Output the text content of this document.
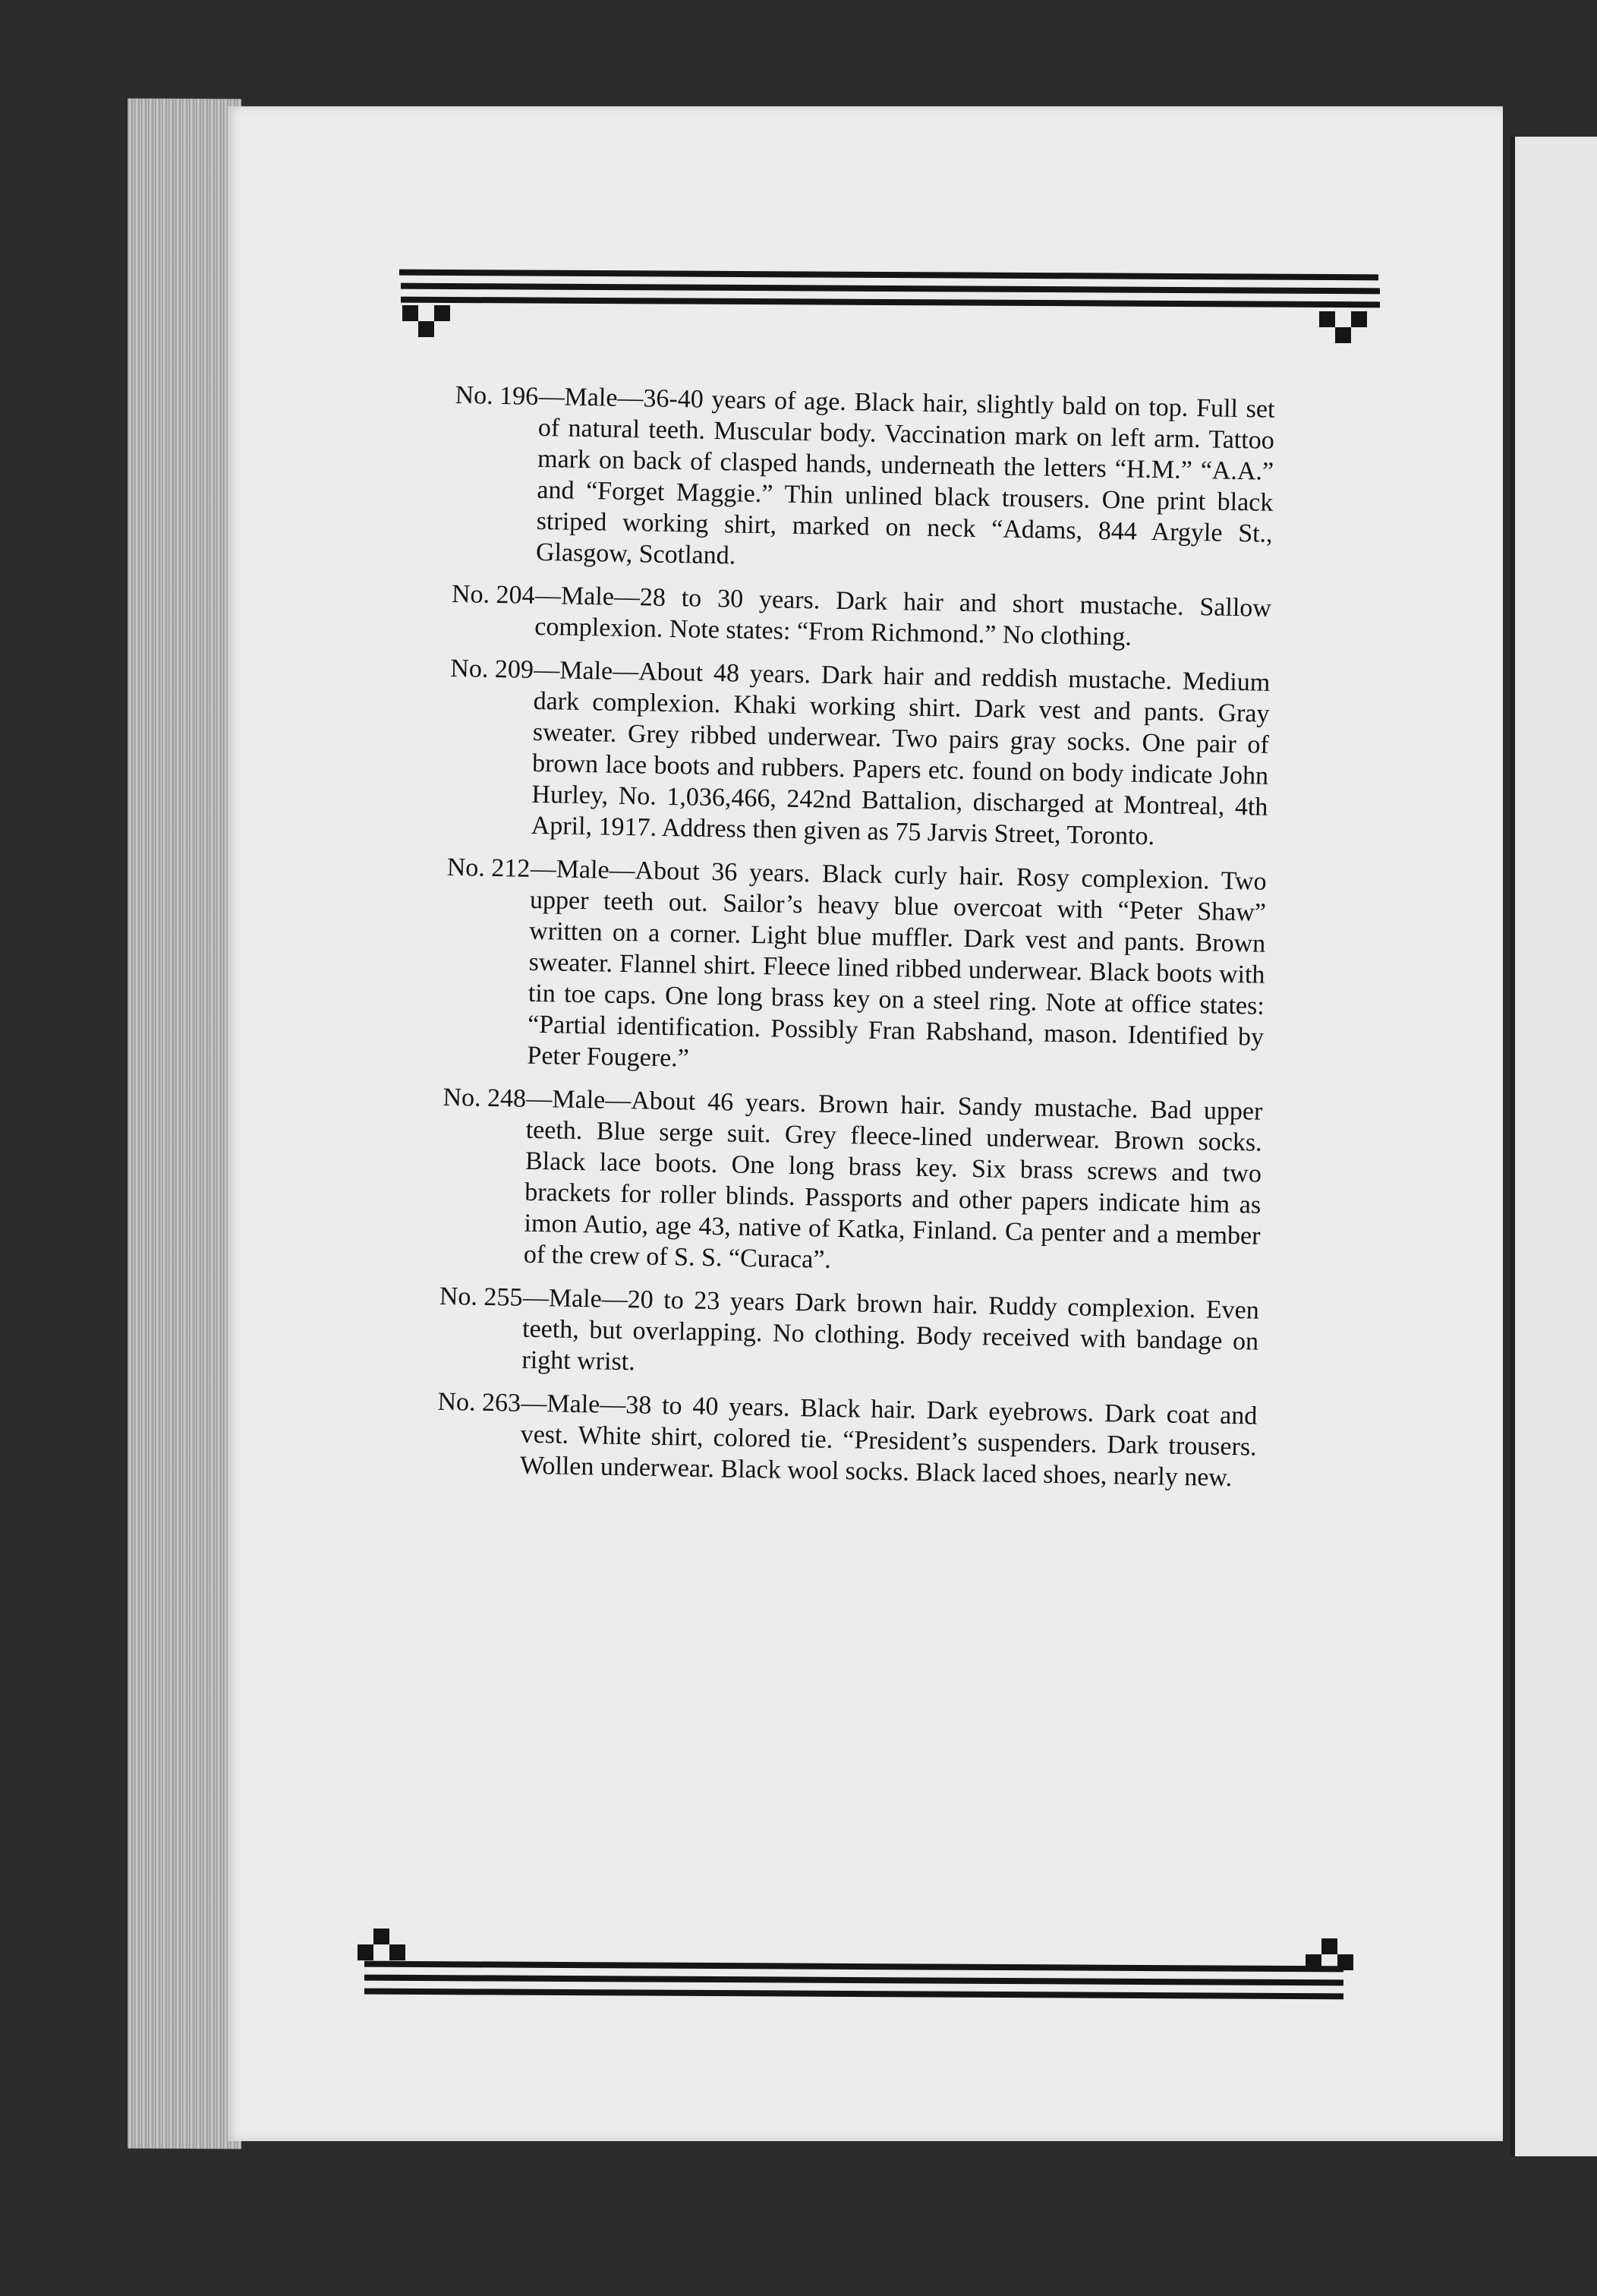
No. 196 —Male—36-40 years of age. Black hair, slightly bald on top. Full set of natural teeth. Muscular body. Vaccination mark on left arm. Tattoo mark on back of clasped hands, underneath the letters “H.M.” “A.A.” and “Forget Maggie.” Thin unlined black trousers. One print black striped working shirt, marked on neck “Adams, 844 Argyle St., Glasgow, Scotland.
No. 204 —Male—28 to 30 years. Dark hair and short mustache. Sallow complexion. Note states: “From Richmond.” No clothing.
No. 209 —Male—About 48 years. Dark hair and reddish mustache. Medium dark complexion. Khaki working shirt. Dark vest and pants. Gray sweater. Grey ribbed underwear. Two pairs gray socks. One pair of brown lace boots and rubbers. Papers etc. found on body indicate John Hurley, No. 1,036,466, 242nd Battalion, discharged at Montreal, 4th April, 1917. Address then given as 75 Jarvis Street, Toronto.
No. 212 —Male—About 36 years. Black curly hair. Rosy complexion. Two upper teeth out. Sailor’s heavy blue overcoat with “Peter Shaw” written on a corner. Light blue muffler. Dark vest and pants. Brown sweater. Flannel shirt. Fleece lined ribbed underwear. Black boots with tin toe caps. One long brass key on a steel ring. Note at office states: “Partial identification. Possibly Fran Rabshand, mason. Identified by Peter Fougere.”
No. 248 —Male—About 46 years. Brown hair. Sandy mustache. Bad upper teeth. Blue serge suit. Grey fleece-lined underwear. Brown socks. Black lace boots. One long brass key. Six brass screws and two brackets for roller blinds. Passports and other papers indicate him as imon Autio, age 43, native of Katka, Finland. Ca penter and a member of the crew of S. S. “Curaca”.
No. 255 —Male—20 to 23 years Dark brown hair. Ruddy complexion. Even teeth, but overlapping. No clothing. Body received with bandage on right wrist.
No. 263 —Male—38 to 40 years. Black hair. Dark eyebrows. Dark coat and vest. White shirt, colored tie. “President’s suspenders. Dark trousers. Wollen underwear. Black wool socks. Black laced shoes, nearly new.
